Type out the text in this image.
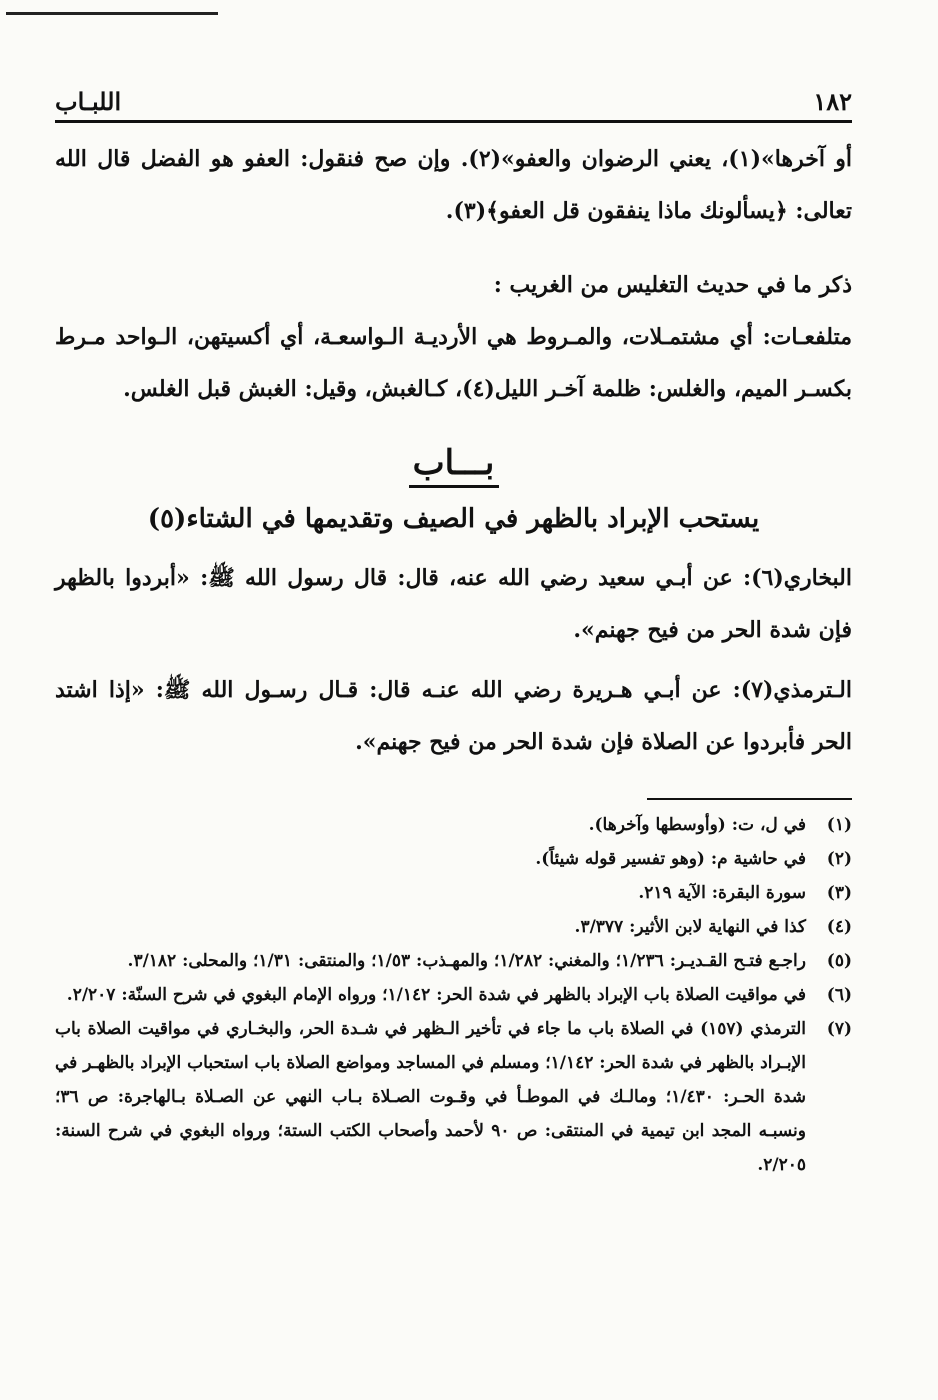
١٨٢
اللبـاب

أو آخرها»(١)، يعني الرضوان والعفو»(٢). وإن صح فنقول: العفو هو الفضل قال الله تعالى: ﴿يسألونك ماذا ينفقون قل العفو﴾(٣).

ذكر ما في حديث التغليس من الغريب :

متلفعـات: أي مشتمـلات، والمـروط هي الأرديـة الـواسعـة، أي أكسيتهن، الـواحد مـرط بكسـر الميم، والغلس: ظلمة آخـر الليل(٤)، كـالغبش، وقيل: الغبش قبل الغلس.

بـــاب
يستحب الإبراد بالظهر في الصيف وتقديمها في الشتاء(٥)

البخاري(٦): عن أبـي سعيد رضي الله عنه، قال: قال رسول الله ﷺ: «أبردوا بالظهر فإن شدة الحر من فيح جهنم».

الـترمذي(٧): عن أبـي هـريرة رضي الله عنـه قال: قـال رسـول الله ﷺ: «إذا اشتد الحر فأبردوا عن الصلاة فإن شدة الحر من فيح جهنم».

(١)
في ل، ت: (وأوسطها وآخرها).
(٢)
في حاشية م: (وهو تفسير قوله شيئاً).
(٣)
سورة البقرة: الآية ٢١٩.
(٤)
كذا في النهاية لابن الأثير: ٣/٣٧٧.
(٥)
راجـع فتـح القـديـر: ١/٢٣٦؛ والمغني: ١/٢٨٢؛ والمهـذب: ١/٥٣؛ والمنتقى: ١/٣١؛ والمحلى: ٣/١٨٢.
(٦)
في مواقيت الصلاة باب الإبراد بالظهر في شدة الحر: ١/١٤٢؛ ورواه الإمام البغوي في شرح السنّة: ٢/٢٠٧.
(٧)
الترمذي (١٥٧) في الصلاة باب ما جاء في تأخير الـظهر في شـدة الحر، والبخـاري في مواقيت الصلاة باب الإبـراد بالظهر في شدة الحر: ١/١٤٢؛ ومسلم في المساجد ومواضع الصلاة باب استحباب الإبراد بالظهـر في شدة الحـر: ١/٤٣٠؛ ومالـك في الموطـأ في وقـوت الصـلاة بـاب النهي عن الصـلاة بـالهاجرة: ص ٣٦؛ ونسبـه المجد ابن تيمية في المنتقى: ص ٩٠ لأحمد وأصحاب الكتب الستة؛ ورواه البغوي في شرح السنة: ٢/٢٠٥.
